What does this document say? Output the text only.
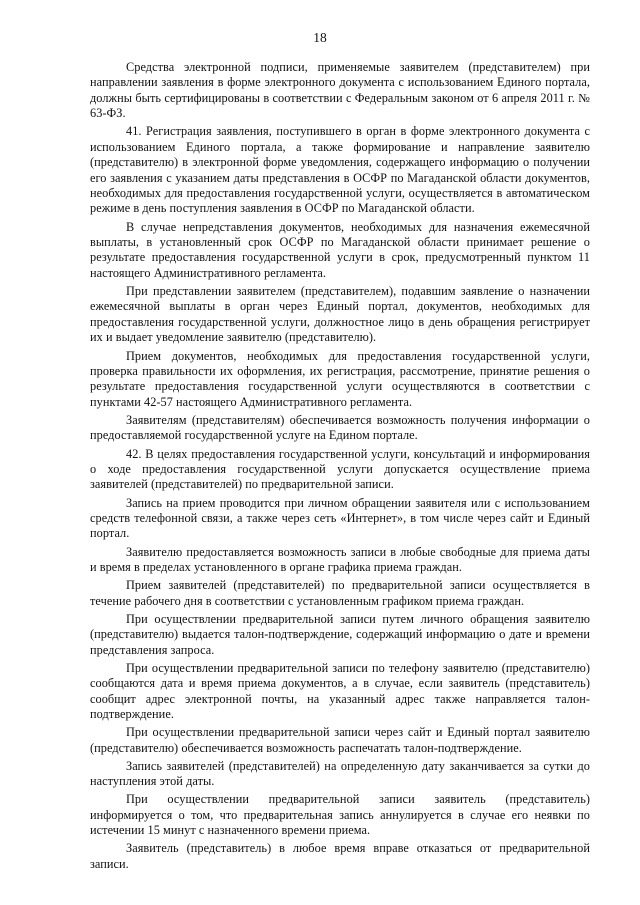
18

Средства электронной подписи, применяемые заявителем (представителем) при направлении заявления в форме электронного документа с использованием Единого портала, должны быть сертифицированы в соответствии с Федеральным законом от 6 апреля 2011 г. № 63-ФЗ.

41. Регистрация заявления, поступившего в орган в форме электронного документа с использованием Единого портала, а также формирование и направление заявителю (представителю) в электронной форме уведомления, содержащего информацию о получении его заявления с указанием даты представления в ОСФР по Магаданской области документов, необходимых для предоставления государственной услуги, осуществляется в автоматическом режиме в день поступления заявления в ОСФР по Магаданской области.

В случае непредставления документов, необходимых для назначения ежемесячной выплаты, в установленный срок ОСФР по Магаданской области принимает решение о результате предоставления государственной услуги в срок, предусмотренный пунктом 11 настоящего Административного регламента.

При представлении заявителем (представителем), подавшим заявление о назначении ежемесячной выплаты в орган через Единый портал, документов, необходимых для предоставления государственной услуги, должностное лицо в день обращения регистрирует их и выдает уведомление заявителю (представителю).

Прием документов, необходимых для предоставления государственной услуги, проверка правильности их оформления, их регистрация, рассмотрение, принятие решения о результате предоставления государственной услуги осуществляются в соответствии с пунктами 42-57 настоящего Административного регламента.

Заявителям (представителям) обеспечивается возможность получения информации о предоставляемой государственной услуге на Едином портале.

42. В целях предоставления государственной услуги, консультаций и информирования о ходе предоставления государственной услуги допускается осуществление приема заявителей (представителей) по предварительной записи.

Запись на прием проводится при личном обращении заявителя или с использованием средств телефонной связи, а также через сеть «Интернет», в том числе через сайт и Единый портал.

Заявителю предоставляется возможность записи в любые свободные для приема даты и время в пределах установленного в органе графика приема граждан.

Прием заявителей (представителей) по предварительной записи осуществляется в течение рабочего дня в соответствии с установленным графиком приема граждан.

При осуществлении предварительной записи путем личного обращения заявителю (представителю) выдается талон-подтверждение, содержащий информацию о дате и времени представления запроса.

При осуществлении предварительной записи по телефону заявителю (представителю) сообщаются дата и время приема документов, а в случае, если заявитель (представитель) сообщит адрес электронной почты, на указанный адрес также направляется талон-подтверждение.

При осуществлении предварительной записи через сайт и Единый портал заявителю (представителю) обеспечивается возможность распечатать талон-подтверждение.

Запись заявителей (представителей) на определенную дату заканчивается за сутки до наступления этой даты.

При осуществлении предварительной записи заявитель (представитель) информируется о том, что предварительная запись аннулируется в случае его неявки по истечении 15 минут с назначенного времени приема.

Заявитель (представитель) в любое время вправе отказаться от предварительной записи.
